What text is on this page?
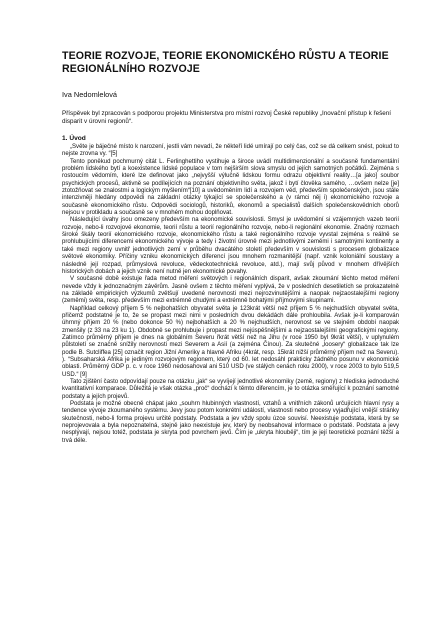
TEORIE ROZVOJE, TEORIE EKONOMICKÉHO RŮSTU A TEORIE REGIONÁLNÍHO ROZVOJE
Iva Nedomlelová
Příspěvek byl zpracován s podporou projektu Ministerstva pro místní rozvoj České republiky „Inovační přístup k řešení disparit v úrovni regionů“.
1. Úvod

„Světe je báječné místo k narození, jestli vám nevadí, že někteří lidé umírají po celý čas, což se dá celkem snést, pokud to nejste zrovna vy. “[5]

Tento poněkud pochmurný citát L. Ferlinghettiho vystihuje a široce uvádí multidimenzionální a současně fundamentální problém lidského bytí a koexistence lidské populace v tom nejširším slova smyslu od jejích samotných počátků. Zejména s rostoucím vědomím, které lze definovat jako „nejvyšší výlučně lidskou formu odrazu objektivní reality…[a jako] soubor psychických procesů, aktivně se podílejících na poznání objektivního světa, jakož i bytí člověka samého, …ovšem nelze [je] ztotožňovat se znalostmi a logickým myšlením“[10] a uvědoměním lidí a rozvojem věd, především společenských, jsou stále intenzivněji hledány odpovědi na základní otázky týkající se společenského a (v rámci něj i) ekonomického rozvoje a současně ekonomického růstu. Odpovědi sociologů, historiků, ekonomů a specialistů dalších společenskovědních oborů nejsou v protikladu a současně se v mnohém mohou doplňovat.

Následující úvahy jsou omezeny především na ekonomické souvislosti. Smysl je uvědomění si vzájemných vazeb teorií rozvoje, nebo-li rozvojové ekonomie, teorií růstu a teorií regionálního rozvoje, nebo-li regionální ekonomie. Značný rozmach široké škály teorií ekonomického rozvoje, ekonomického růstu a také regionálního rozvoje vyvstal zejména s reálně se prohlubujícími diferencemi ekonomického vývoje a tedy i životní úrovně mezi jednotlivými zeměmi i samotnými kontinenty a také mezi regiony uvnitř jednotlivých zemí v průběhu dvacátého století především v souvislosti s procesem globalizace světové ekonomiky. Příčiny vzniku ekonomických diferencí jsou mnohem rozmanitější (např. vznik koloniální soustavy a následně její rozpad, průmyslová revoluce, vědeckotechnická revoluce, atd.), mají svůj původ v mnohem dřívějších historických dobách a jejich vznik není nutně jen ekonomické povahy.

V současné době existuje řada metod měření světových i regionálních disparit, avšak zkoumání těchto metod měření nevede vždy k jednoznačným závěrům. Jasně ovšem z těchto měření vyplývá, že v posledních desetiletích se prokazatelně na základě empirických výzkumů zvětšují uvedené nerovnosti mezi nejrozvinutějšími a naopak nejzaostalejšími regiony (zeměmi) světa, resp. především mezi extrémně chudými a extrémně bohatými příjmovými skupinami.

Například celkový příjem 5 % nejbohatších obyvatel světa je 123krát větší než příjem 5 % nejchudších obyvatel světa, přičemž podstatné je to, že se propast mezi nimi v posledních dvou dekádách dále prohloubila. Avšak je-li komparován úhrnný příjem 20 % (nebo dokonce 50 %) nejbohatších a 20 % nejchudších, nerovnost se ve stejném období naopak zmenšily (z 33 na 23 ku 1). Obdobně se prohlubuje i propast mezi nejúspěšnějšími a nejzaostalejšími geografickými regiony. Zatímco průměrný příjem je dnes na globálním Severu řkrát větší než na Jihu (v roce 1950 byl 9krát větší), v uplynulém půlstoletí se značně snížily nerovnosti mezi Severem a Asií (a zejména Čínou). Za skutečné „loosery“ globalizace tak lze podle B. Sutcliffea [25] označit region Jižní Ameriky a hlavně Afriku (4krát, resp. 15krát nižší průměrný příjem než na Severu). ). “Subsaharská Afrika je jediným rozvojovým regionem, který od 60. let nedosáhl prakticky žádného posunu v ekonomické oblasti. Průměrný GDP p. c. v roce 1960 nedosahoval ani 510 USD (ve stálých cenách roku 2000), v roce 2003 to bylo 519,5 USD.“ [9]

Tato zjištění často odpovídají pouze na otázku „jak“ se vyvíjejí jednotlivé ekonomiky (země, regiony) z hlediska jednoduché kvantitativní komparace. Důležitá je však otázka „proč“ dochází k těmto diferencím, je to otázka směřující k poznání samotné podstaty a jejích projevů.

Podstata je možné obecně chápat jako „souhrn hlubinných vlastností, vztahů a vnitřních zákonů určujících hlavní rysy a tendence vývoje zkoumaného systému. Jevy jsou potom konkrétní událostí, vlastnosti nebo procesy vyjadřující vnější stránky skutečnosti, nebo-li forma projevu určité podstaty. Podstata a jev vždy spolu úzce souvisí. Neexistuje podstata, která by se neprojevovala a byla nepoznatelná, stejně jako neexistuje jev, který by neobsahoval informace o podstatě. Podstata a jevy nesplývají, nejsou totéž, podstata je skryta pod povrchem jevů. Čím je „ukryta hlouběji“, tím je její teoretické poznání těžší a trvá déle.
